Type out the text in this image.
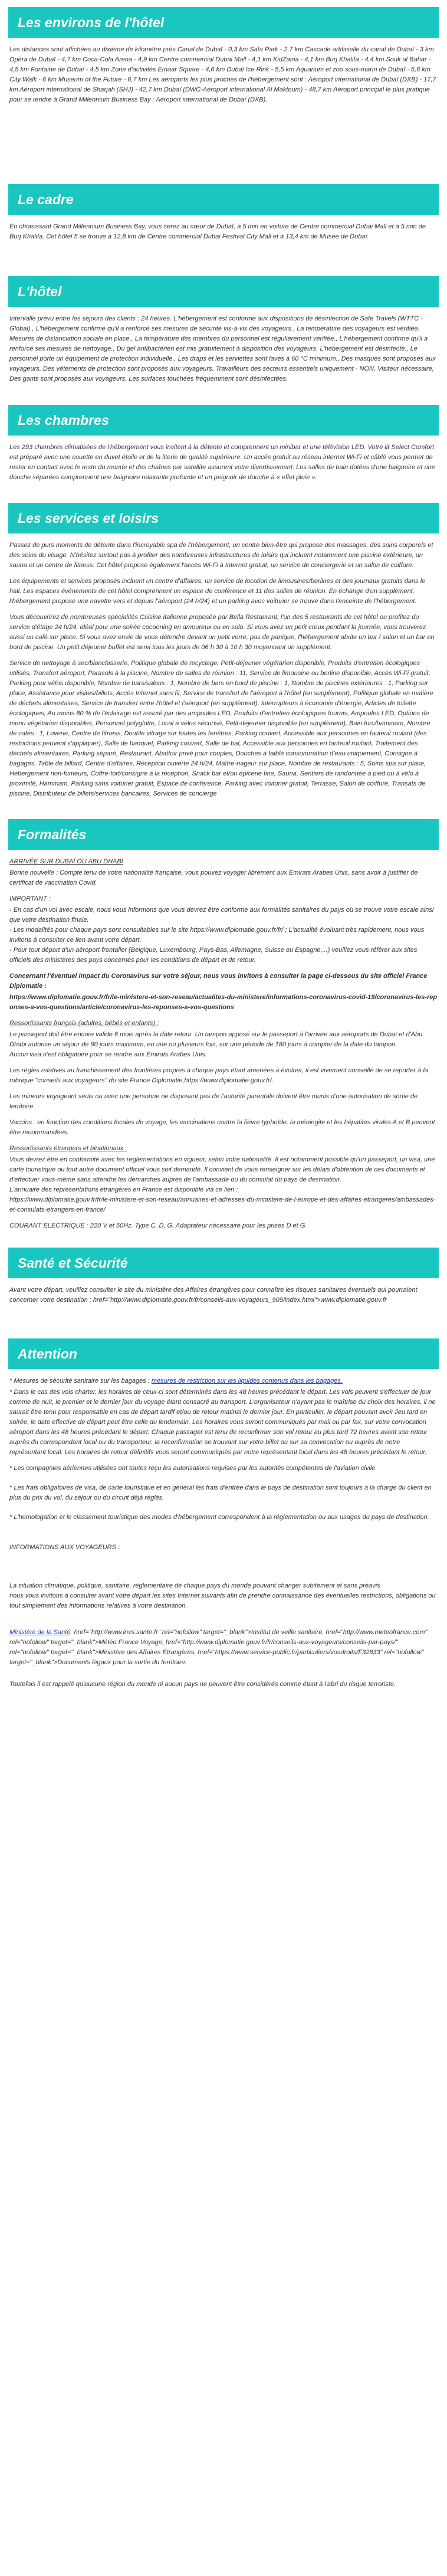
Les environs de l'hôtel

Les distances sont affichées au dixième de kilomètre près Canal de Dubaï - 0,3 km Safa Park - 2,7 km Cascade artificielle du canal de Dubaï - 3 km Opéra de Dubaï - 4,7 km Coca-Cola Arena - 4,9 km Centre commercial Dubai Mall - 4,1 km KidZania - 4,1 km Burj Khalifa - 4,4 km Souk al Bahar - 4,5 km Fontaine de Dubaï - 4,5 km Zone d'activités Emaar Square - 4,6 km Dubaï Ice Rink - 5,5 km Aquarium et zoo sous-marin de Dubaï - 5,6 km City Walk - 6 km Museum of the Future - 6,7 km Les aéroports les plus proches de l'hébergement sont : Aéroport international de Dubaï (DXB) - 17,7 km Aéroport international de Sharjah (SHJ) - 42,7 km Dubaï (DWC-Aéroport international Al Maktoum) - 48,7 km Aéroport principal le plus pratique pour se rendre à Grand Millennium Business Bay : Aéroport international de Dubaï (DXB).

Le cadre

En choisissant Grand Millennium Business Bay, vous serez au cœur de Dubaï, à 5 min en voiture de Centre commercial Dubai Mall et à 5 min de Burj Khalifa. Cet hôtel 5 se trouve à 12,8 km de Centre commercial Dubai Festival City Mall et à 13,4 km de Musée de Dubaï.

L'hôtel

Intervalle prévu entre les séjours des clients : 24 heures. L'hébergement est conforme aux dispositions de désinfection de Safe Travels (WTTC - Global)., L'hébergement confirme qu'il a renforcé ses mesures de sécurité vis-à-vis des voyageurs., La température des voyageurs est vérifiée. Mesures de distanciation sociale en place., La température des membres du personnel est régulièrement vérifiée., L'hébergement confirme qu'il a renforcé ses mesures de nettoyage., Du gel antibactérien est mis gratuitement à disposition des voyageurs, L'hébergement est désinfecté., Le personnel porte un équipement de protection individuelle., Les draps et les serviettes sont lavés à 60 °C minimum., Des masques sont proposés aux voyageurs, Des vêtements de protection sont proposés aux voyageurs. Travailleurs des secteurs essentiels uniquement - NON, Visiteur nécessaire, Des gants sont proposés aux voyageurs, Les surfaces touchées fréquemment sont désinfectées.

Les chambres

Les 293 chambres climatisées de l'hébergement vous invitent à la détente et comprennent un minibar et une télévision LED. Votre lit Select Comfort est préparé avec une couette en duvet étoile et de la literie de qualité supérieure. Un accès gratuit au réseau internet Wi-Fi et câblé vous permet de rester en contact avec le reste du monde et des chaînes par satellite assurent votre divertissement. Les salles de bain dotées d'une baignoire et une douche séparées comprennent une baignoire relaxante profonde et un peignoir de douche à « effet pluie ».

Les services et loisirs

Passez de purs moments de détente dans l'incroyable spa de l'hébergement, un centre bien-être qui propose des massages, des soins corporels et des soins du visage. N'hésitez surtout pas à profiter des nombreuses infrastructures de loisirs qui incluent notamment une piscine extérieure, un sauna et un centre de fitness. Cet hôtel propose également l'accès Wi-Fi à Internet gratuit, un service de conciergerie et un salon de coiffure.

Les équipements et services proposés incluent un centre d'affaires, un service de location de limousines/berlines et des journaux gratuits dans le hall. Les espaces événements de cet hôtel comprennent un espace de conférence et 11 des salles de réunion. En échange d'un supplément, l'hébergement propose une navette vers et depuis l'aéroport (24 h/24) et un parking avec voiturier se trouve dans l'enceinte de l'hébergement.

Vous découvrirez de nombreuses spécialités Cuisine italienne proposée par Bella Restaurant, l'un des 5 restaurants de cet hôtel ou profitez du service d'étage 24 h/24, idéal pour une soirée cocooning en amoureux ou en solo. Si vous avez un petit creux pendant la journée, vous trouverez aussi un café sur place. Si vous avez envie de vous détendre devant un petit verre, pas de panique, l'hébergement abrite un bar / salon et un bar en bord de piscine. Un petit déjeuner buffet est servi tous les jours de 06 h 30 à 10 h 30 moyennant un supplément.

Service de nettoyage à sec/blanchisserie, Politique globale de recyclage, Petit-déjeuner végétarien disponible, Produits d'entretien écologiques utilisés, Transfert aéroport, Parasols à la piscine, Nombre de salles de réunion : 11, Service de limousine ou berline disponible, Accès Wi-Fi gratuit, Parking pour vélos disponible, Nombre de bars/salons : 1, Nombre de bars en bord de piscine : 1, Nombre de piscines extérieures : 1, Parking sur place, Assistance pour visites/billets, Accès Internet sans fil, Service de transfert de l'aéroport à l'hôtel (en supplément), Politique globale en matière de déchets alimentaires, Service de transfert entre l'hôtel et l'aéroport (en supplément), Interrupteurs à économie d'énergie, Articles de toilette écologiques, Au moins 80 % de l'éclairage est assuré par des ampoules LED, Produits d'entretien écologiques fournis, Ampoules LED, Options de menu végétarien disponibles, Personnel polyglotte, Local à vélos sécurisé, Petit-déjeuner disponible (en supplément), Bain turc/hammam, Nombre de cafés : 1, Loverie, Centre de fitness, Double vitrage sur toutes les fenêtres, Parking couvert, Accessible aux personnes en fauteuil roulant (des restrictions peuvent s'appliquer), Salle de banquet, Parking couvert, Salle de bal, Accessible aux personnes en fauteuil roulant, Traitement des déchets alimentaires, Parking séparé, Restaurant, Abattoir privé pour couples, Douches à faible consommation d'eau uniquement, Consigne à bagages, Table de billard, Centre d'affaires, Réception ouverte 24 h/24, Maître-nageur sur place, Nombre de restaurants : 5, Soins spa sur place, Hébergement non-fumeurs, Coffre-fort/consigne à la réception, Snack bar et/ou épicerie fine, Sauna, Sentiers de randonnée à pied ou à vélo à proximité, Hammam, Parking sans voiturier gratuit, Espace de conférence, Parking avec voiturier gratuit, Terrasse, Salon de coiffure, Transats de piscine, Distributeur de billets/services bancaires, Services de concierge

Formalités

ARRIVÉE SUR DUBAÏ OU ABU DHABI

Bonne nouvelle : Compte tenu de votre nationalité française, vous pouvez voyager librement aux Emirats Arabes Unis, sans avoir à justifier de certificat de vaccination Covid.

IMPORTANT :

- En cas d'un vol avec escale, nous vous informons que vous devrez être conforme aux formalités sanitaires du pays où se trouve votre escale ainsi que votre destination finale.
- Les modalités pour chaque pays sont consultables sur le site https://www.diplomatie.gouv.fr/fr/ ; L'actualité évoluant très rapidement, nous vous invitons à consulter ce lien avant votre départ.
- Pour tout départ d'un aéroport frontalier (Belgique, Luxembourg, Pays-Bas, Allemagne, Suisse ou Espagne,...) veuillez vous référer aux sites officiels des ministères des pays concernés pour les conditions de départ et de retour.

Concernant l'éventuel impact du Coronavirus sur votre séjour, nous vous invitons à consulter la page ci-dessous du site officiel France Diplomatie :

https://www.diplomatie.gouv.fr/fr/le-ministere-et-son-reseau/actualites-du-ministere/informations-coronavirus-covid-19/coronavirus-les-reponses-a-vos-questions/article/coronavirus-les-reponses-a-vos-questions

Ressortissants français (adultes, bébés et enfants) :

Le passeport doit être encore valide 6 mois après la date retour. Un tampon apposé sur le passeport à l'arrivée aux aéroports de Dubaï et d'Abu Dhabi autorise un séjour de 90 jours maximum, en une ou plusieurs fois, sur une période de 180 jours à compter de la date du tampon.
Aucun visa n'est obligatoire pour se rendre aux Emirats Arabes Unis.

Les règles relatives au franchissement des frontières propres à chaque pays étant amenées à évoluer, il est vivement conseillé de se reporter à la rubrique "conseils aux voyageurs" du site France Diplomatie,https://www.diplomatie.gouv.fr/.

Les mineurs voyageant seuls ou avec une personne ne disposant pas de l'autorité parentale doivent être munis d'une autorisation de sortie de territoire.

Vaccins : en fonction des conditions locales de voyage, les vaccinations contre la fièvre typhoïde, la méningite et les hépatites virales A et B peuvent être recommandées.

Ressortissants étrangers et binationaux :

Vous devrez être en conformité avec les réglementations en vigueur, selon votre nationalité. Il est notamment possible qu'un passeport, un visa, une carte touristique ou tout autre document officiel vous soit demandé. Il convient de vous renseigner sur les délais d'obtention de ces documents et d'effectuer vous-même sans attendre les démarches auprès de l'ambassade ou du consulat du pays de destination.
L'annuaire des représentations étrangères en France est disponible via ce lien :
https://www.diplomatie.gouv.fr/fr/le-ministere-et-son-reseau/annuaires-et-adresses-du-ministere-de-l-europe-et-des-affaires-etrangeres/ambassades-et-consulats-etrangers-en-france/

COURANT ELECTRIQUE : 220 V et 50Hz. Type C, D, G. Adaptateur nécessaire pour les prises D et G.

Santé et Sécurité

Avant votre départ, veuillez consulter le site du ministère des Affaires étrangères pour connaître les risques sanitaires éventuels qui pourraient concerner votre destination : href="http://www.diplomatie.gouv.fr/fr/conseils-aux-voyageurs_909/index.html">www.diplomatie.gouv.fr

Attention

* Mesures de sécurité sanitaire sur les bagages : mesures de restriction sur les liquides contenus dans les bagages.

* Dans le cas des vols charter, les horaires de ceux-ci sont déterminés dans les 48 heures précédant le départ. Les vols peuvent s'effectuer de jour comme de nuit, le premier et le dernier jour du voyage étant consacré au transport. L'organisateur n'ayant pas le maîtrise du choix des horaires, il ne saurait être tenu pour responsable en cas de départ tardif et/ou de retour matinal le dernier jour. En particulier, le départ pouvant avoir lieu tard en soirée, le date effective de départ peut être celle du lendemain. Les horaires vous seront communiqués par mail ou par fax, sur votre convocation aéroport dans les 48 heures précédant le départ. Chaque passager est tenu de reconfirmer son vol retour au plus tard 72 heures avant son retour auprès du correspondant local ou du transporteur, la reconfirmation se trouvant sur votre billet ou sur sa convocation ou auprès de notre représentant local. Les horaires de retour définitifs vous seront communiqués par notre représentant local dans les 48 heures précédant le retour.

* Les compagnies aériennes utilisées ont toutes reçu les autorisations requises par les autorités compétentes de l'aviation civile.

* Les frais obligatoires de visa, de carte touristique et en général les frais d'entrée dans le pays de destination sont toujours à la charge du client en plus du prix du vol, du séjour ou du circuit déjà réglés.

* L'homologation et le classement touristique des modes d'hébergement correspondent à la réglementation ou aux usages du pays de destination.

INFORMATIONS AUX VOYAGEURS :

La situation climatique, politique, sanitaire, réglementaire de chaque pays du monde pouvant changer subitement et sans préavis
nous vous invitons à consulter avant votre départ les sites Internet suivants afin de prendre connaissance des éventuelles restrictions, obligations ou tout simplement des informations relatives à votre destination.

Ministère de la Santé. href="http://www.invs.sante.fr" rel="nofollow" target="_blank">Institut de veille sanitaire, href="http://www.meteofrance.com" rel="nofollow" target="_blank">Météo France Voyage, href="http://www.diplomatie.gouv.fr/fr/conseils-aux-voyageurs/conseils-par-pays/" rel="nofollow" target="_blank">Ministère des Affaires Etrangères, href="https://www.service-public.fr/particuliers/vosdroits/F32833" rel="nofollow" target="_blank">Documents légaux pour la sortie du territoire.

Toutefois il est rappelé qu'aucune région du monde ni aucun pays ne peuvent être considérés comme étant à l'abri du risque terroriste.
